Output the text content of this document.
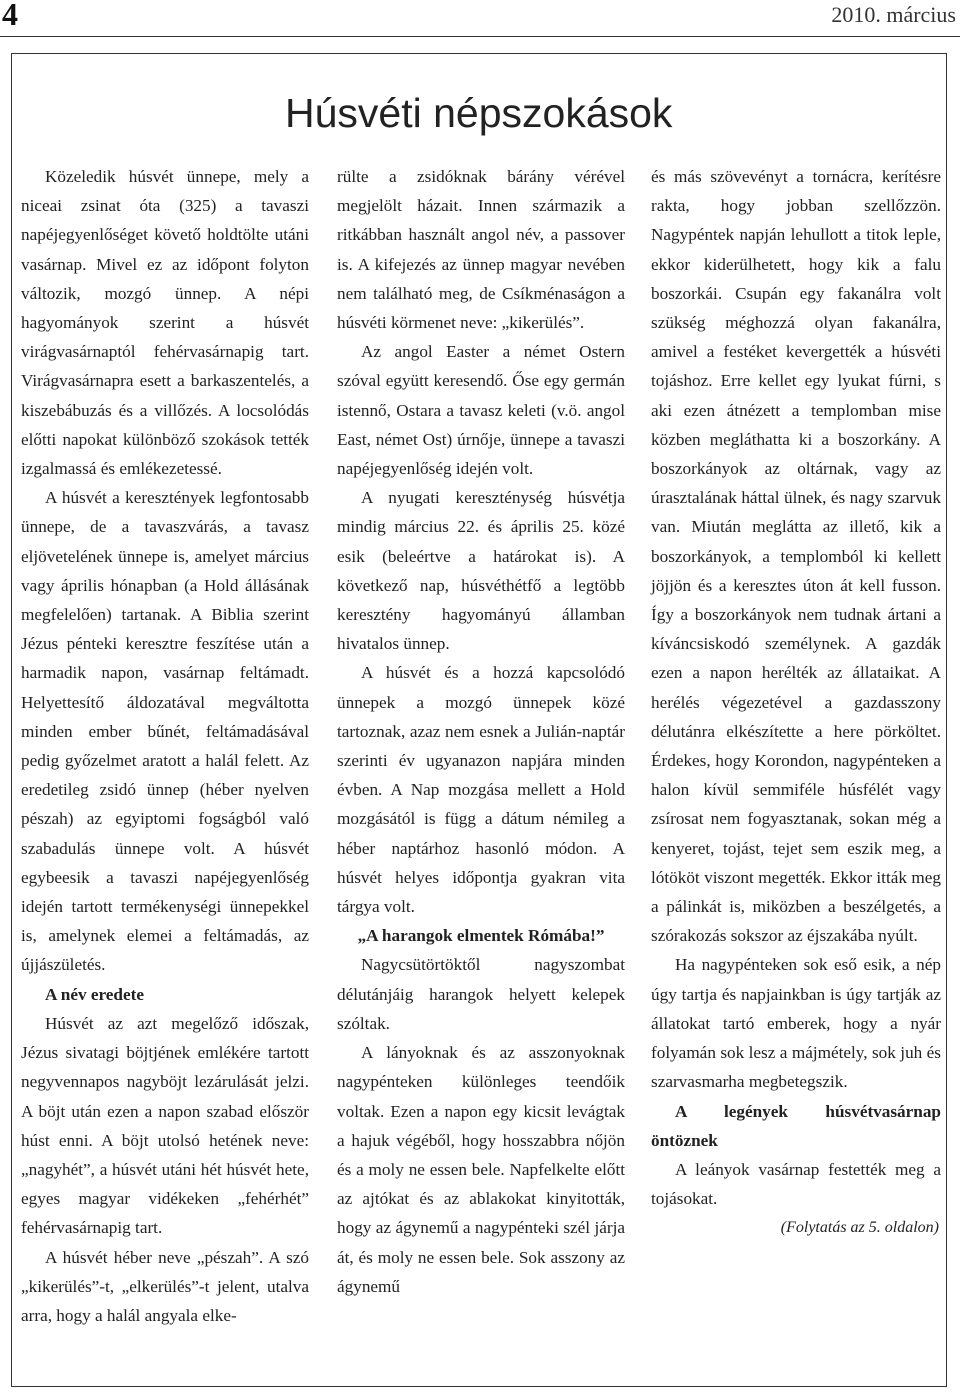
4	2010. március
Húsvéti népszokások

Közeledik húsvét ünnepe, mely a niceai zsinat óta (325) a tavaszi napéjegyenlőséget követő holdtölte utáni vasárnap. Mivel ez az időpont folyton változik, mozgó ünnep. A népi hagyományok szerint a húsvét virágvasárnaptól fehérvasárnapig tart. Virágvasárnapra esett a barkaszentelés, a kiszebábuzás és a villőzés. A locsolódás előtti napokat különböző szokások tették izgalmassá és emlékezetessé.

A húsvét a keresztények legfontosabb ünnepe, de a tavaszvárás, a tavasz eljövetelének ünnepe is, amelyet március vagy április hónapban (a Hold állásának megfelelően) tartanak. A Biblia szerint Jézus pénteki keresztre feszítése után a harmadik napon, vasárnap feltámadt. Helyettesítő áldozatával megváltotta minden ember bűnét, feltámadásával pedig győzelmet aratott a halál felett. Az eredetileg zsidó ünnep (héber nyelven pészah) az egyiptomi fogságból való szabadulás ünnepe volt. A húsvét egybeesik a tavaszi napéjegyenlőség idején tartott termékenységi ünnepekkel is, amelynek elemei a feltámadás, az újjászületés.

A név eredete

Húsvét az azt megelőző időszak, Jézus sivatagi böjtjének emlékére tartott negyvennapos nagyböjt lezárulását jelzi. A böjt után ezen a napon szabad először húst enni. A böjt utolsó hetének neve: „nagyhét”, a húsvét utáni hét húsvét hete, egyes magyar vidékeken „fehérhét” fehérvasárnapig tart.

A húsvét héber neve „pészah”. A szó „kikerülés”-t, „elkerülés”-t jelent, utalva arra, hogy a halál angyala elke-

rülte a zsidóknak bárány vérével megjelölt házait. Innen származik a ritkábban használt angol név, a passover is. A kifejezés az ünnep magyar nevében nem található meg, de Csíkménaságon a húsvéti körmenet neve: „kikerülés”.

Az angol Easter a német Ostern szóval együtt keresendő. Őse egy germán istennő, Ostara a tavasz keleti (v.ö. angol East, német Ost) úrnője, ünnepe a tavaszi napéjegyenlőség idején volt.

A nyugati kereszténység húsvétja mindig március 22. és április 25. közé esik (beleértve a határokat is). A következő nap, húsvéthétfő a legtöbb keresztény hagyományú államban hivatalos ünnep.

A húsvét és a hozzá kapcsolódó ünnepek a mozgó ünnepek közé tartoznak, azaz nem esnek a Julián-naptár szerinti év ugyanazon napjára minden évben. A Nap mozgása mellett a Hold mozgásától is függ a dátum némileg a héber naptárhoz hasonló módon. A húsvét helyes időpontja gyakran vita tárgya volt.

„A harangok elmentek Rómába!”

Nagycsütörtöktől nagyszombat délutánjáig harangok helyett kelepek szóltak.

A lányoknak és az asszonyoknak nagypénteken különleges teendőik voltak. Ezen a napon egy kicsit levágtak a hajuk végéből, hogy hosszabbra nőjön és a moly ne essen bele. Napfelkelte előtt az ajtókat és az ablakokat kinyitották, hogy az ágynemű a nagypénteki szél járja át, és moly ne essen bele. Sok asszony az ágynemű

és más szövevényt a tornácra, kerítésre rakta, hogy jobban szellőzzön. Nagypéntek napján lehullott a titok leple, ekkor kiderülhetett, hogy kik a falu boszorkái. Csupán egy fakanálra volt szükség méghozzá olyan fakanálra, amivel a festéket kevergették a húsvéti tojáshoz. Erre kellet egy lyukat fúrni, s aki ezen átnézett a templomban mise közben megláthatta ki a boszorkány. A boszorkányok az oltárnak, vagy az úrasztalának háttal ülnek, és nagy szarvuk van. Miután meglátta az illető, kik a boszorkányok, a templomból ki kellett jöjjön és a keresztes úton át kell fusson. Így a boszorkányok nem tudnak ártani a kíváncsiskodó személynek. A gazdák ezen a napon herélték az állataikat. A herélés végezetével a gazdasszony délutánra elkészítette a here pörköltet. Érdekes, hogy Korondon, nagypénteken a halon kívül semmiféle húsfélét vagy zsírosat nem fogyasztanak, sokan még a kenyeret, tojást, tejet sem eszik meg, a lótököt viszont megették. Ekkor itták meg a pálinkát is, miközben a beszélgetés, a szórakozás sokszor az éjszakába nyúlt.

Ha nagypénteken sok eső esik, a nép úgy tartja és napjainkban is úgy tartják az állatokat tartó emberek, hogy a nyár folyamán sok lesz a májmétely, sok juh és szarvasmarha megbetegszik.

A legények húsvétvasárnap öntöznek

A leányok vasárnap festették meg a tojásokat.

(Folytatás az 5. oldalon)
